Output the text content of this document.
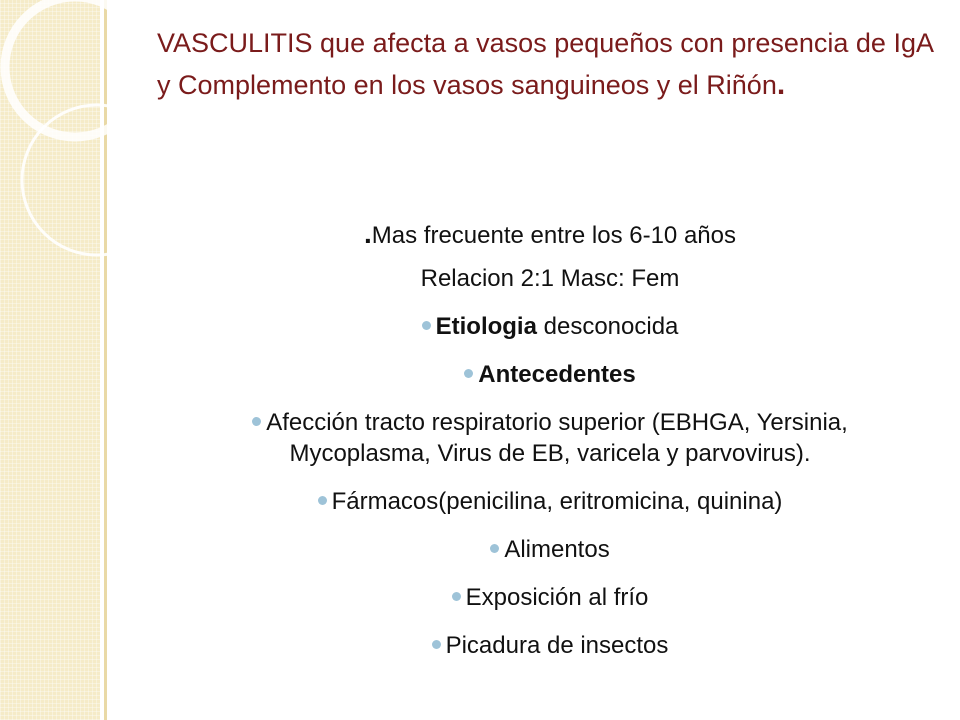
VASCULITIS que afecta a vasos pequeños con presencia de IgA y Complemento en los vasos sanguineos y el Riñón.

.Mas frecuente entre los 6-10 años

Relacion 2:1 Masc: Fem

Etiologia desconocida

Antecedentes

Afección tracto respiratorio superior (EBHGA, Yersinia,
Mycoplasma, Virus de EB, varicela y parvovirus).

Fármacos(penicilina, eritromicina, quinina)

Alimentos

Exposición al frío

Picadura de insectos
